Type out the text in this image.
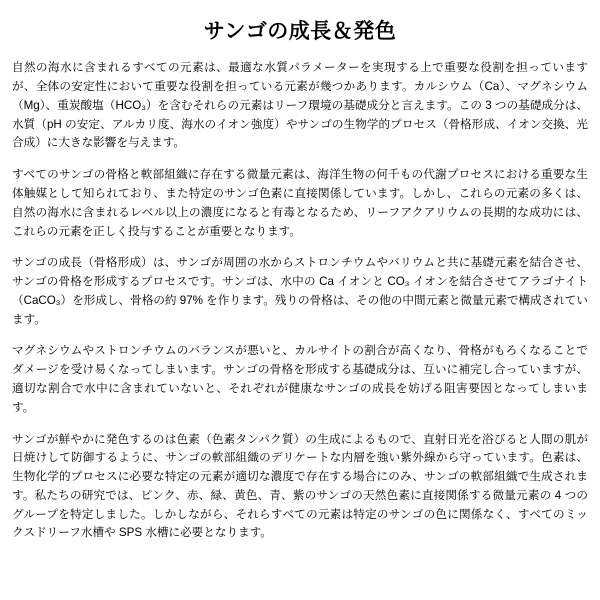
サンゴの成長＆発色

自然の海水に含まれるすべての元素は、最適な水質パラメーターを実現する上で重要な役割を担っていますが、全体の安定性において重要な役割を担っている元素が幾つかあります。カルシウム（Ca）、マグネシウム（Mg）、重炭酸塩（HCO₃）を含むそれらの元素はリーフ環境の基礎成分と言えます。この 3 つの基礎成分は、水質（pH の安定、アルカリ度、海水のイオン強度）やサンゴの生物学的プロセス（骨格形成、イオン交換、光合成）に大きな影響を与えます。

すべてのサンゴの骨格と軟部組織に存在する微量元素は、海洋生物の何千もの代謝プロセスにおける重要な生体触媒として知られており、また特定のサンゴ色素に直接関係しています。しかし、これらの元素の多くは、自然の海水に含まれるレベル以上の濃度になると有毒となるため、リーフアクアリウムの長期的な成功には、これらの元素を正しく投与することが重要となります。

サンゴの成長（骨格形成）は、サンゴが周囲の水からストロンチウムやバリウムと共に基礎元素を結合させ、サンゴの骨格を形成するプロセスです。サンゴは、水中の Ca イオンと CO₃ イオンを結合させてアラゴナイト（CaCO₃）を形成し、骨格の約 97% を作ります。残りの骨格は、その他の中間元素と微量元素で構成されています。

マグネシウムやストロンチウムのバランスが悪いと、カルサイトの割合が高くなり、骨格がもろくなることでダメージを受け易くなってしまいます。サンゴの骨格を形成する基礎成分は、互いに補完し合っていますが、適切な割合で水中に含まれていないと、それぞれが健康なサンゴの成長を妨げる阻害要因となってしまいます。

サンゴが鮮やかに発色するのは色素（色素タンパク質）の生成によるもので、直射日光を浴びると人間の肌が日焼けして防御するように、サンゴの軟部組織のデリケートな内層を強い紫外線から守っています。色素は、生物化学的プロセスに必要な特定の元素が適切な濃度で存在する場合にのみ、サンゴの軟部組織で生成されます。私たちの研究では、ピンク、赤、緑、黄色、青、紫のサンゴの天然色素に直接関係する微量元素の 4 つのグループを特定しました。しかしながら、それらすべての元素は特定のサンゴの色に関係なく、すべてのミックスドリーフ水槽や SPS 水槽に必要となります。
